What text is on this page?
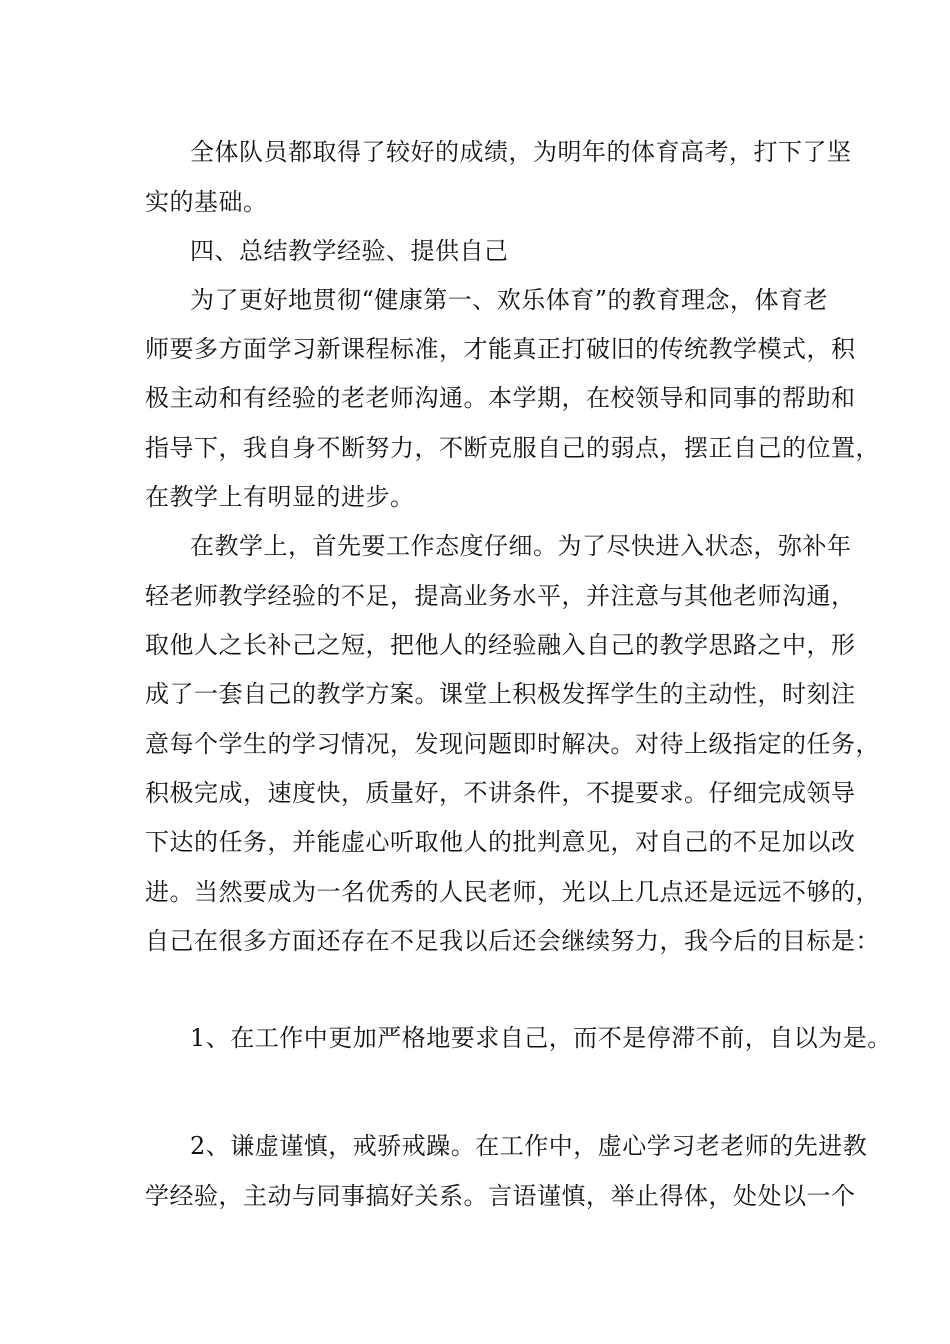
全体队员都取得了较好的成绩，为明年的体育高考，打下了坚
实的基础。
四、总结教学经验、提供自己
为了更好地贯彻“健康第一、欢乐体育”的教育理念，体育老
师要多方面学习新课程标准，才能真正打破旧的传统教学模式，积
极主动和有经验的老老师沟通。本学期，在校领导和同事的帮助和
指导下，我自身不断努力，不断克服自己的弱点，摆正自己的位置，
在教学上有明显的进步。
在教学上，首先要工作态度仔细。为了尽快进入状态，弥补年
轻老师教学经验的不足，提高业务水平，并注意与其他老师沟通，
取他人之长补己之短，把他人的经验融入自己的教学思路之中，形
成了一套自己的教学方案。课堂上积极发挥学生的主动性，时刻注
意每个学生的学习情况，发现问题即时解决。对待上级指定的任务，
积极完成，速度快，质量好，不讲条件，不提要求。仔细完成领导
下达的任务，并能虚心听取他人的批判意见，对自己的不足加以改
进。当然要成为一名优秀的人民老师，光以上几点还是远远不够的，
自己在很多方面还存在不足我以后还会继续努力，我今后的目标是：
1、在工作中更加严格地要求自己，而不是停滞不前，自以为是。
2、谦虚谨慎，戒骄戒躁。在工作中，虚心学习老老师的先进教
学经验，主动与同事搞好关系。言语谨慎，举止得体，处处以一个
